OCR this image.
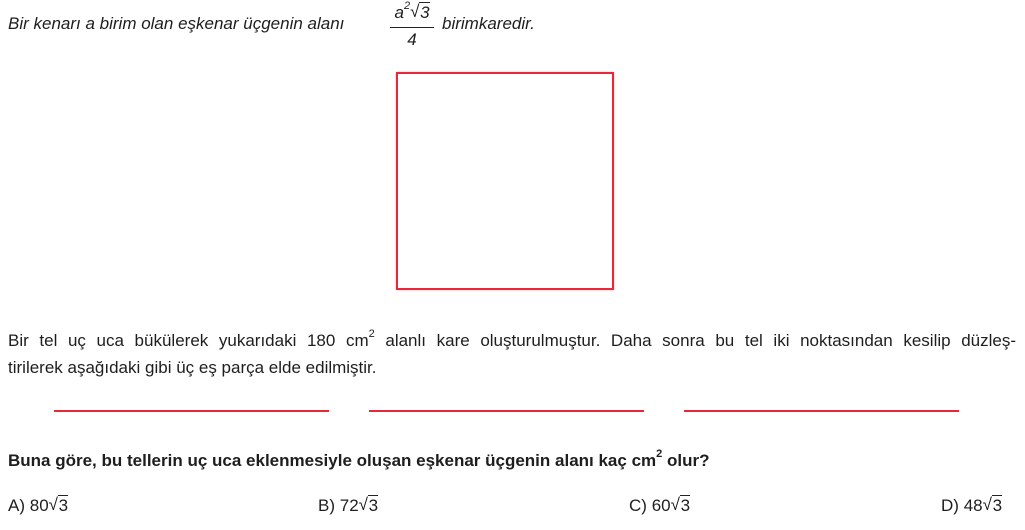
Bir kenarı a birim olan eşkenar üçgenin alanı
$a^2$ √ 3
4
birimkaredir.
Bir tel uç uca bükülerek yukarıdaki 180 $cm^2$ alanlı kare oluşturulmuştur. Daha sonra bu tel iki noktasından kesilip düzleş-
tirilerek aşağıdaki gibi üç eş parça elde edilmiştir.
Buna göre, bu tellerin uç uca eklenmesiyle oluşan eşkenar üçgenin alanı kaç $cm^2$ olur?
A) 80 √ 3	B) 72 √ 3	C) 60 √ 3	D) 48 √ 3
